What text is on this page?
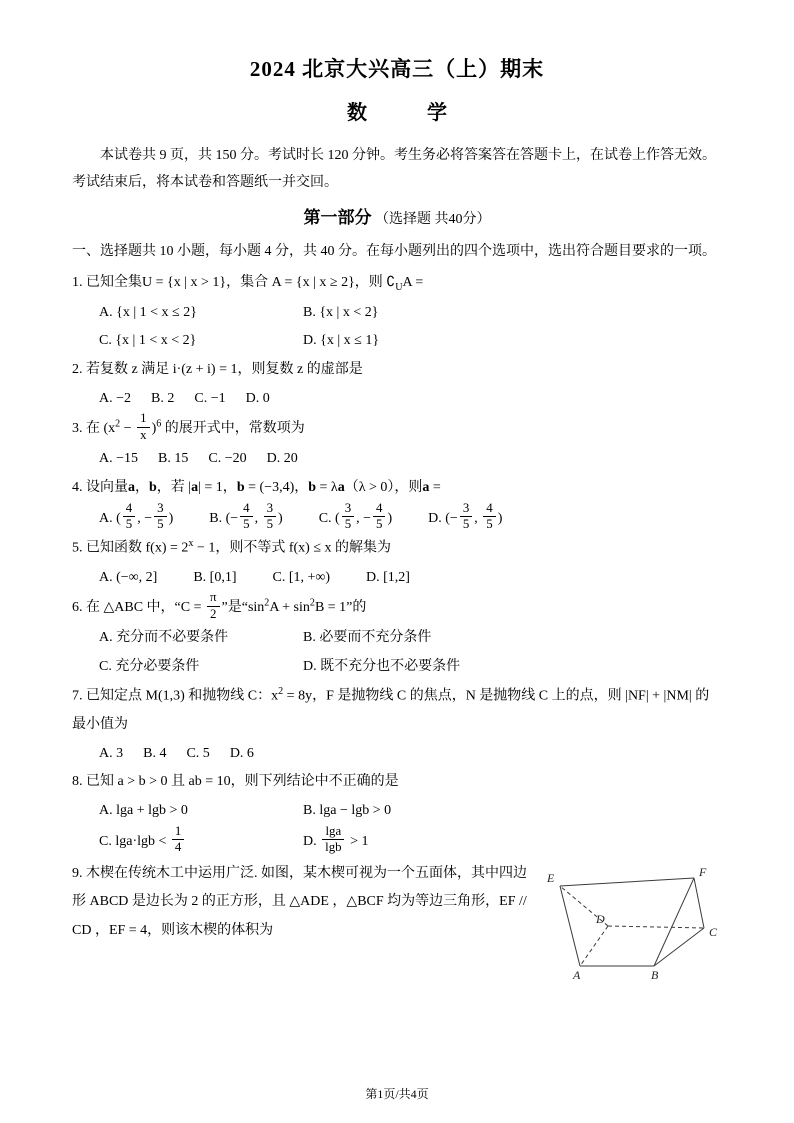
2024 北京大兴高三（上）期末
数　　　学

本试卷共 9 页，共 150 分。考试时长 120 分钟。考生务必将答案答在答题卡上，在试卷上作答无效。考试结束后，将本试卷和答题纸一并交回。

第一部分 （选择题 共40分）

一、选择题共 10 小题，每小题 4 分，共 40 分。在每小题列出的四个选项中，选出符合题目要求的一项。

1. 已知全集U = {x | x > 1}，集合 A = {x | x ≥ 2}，则 $∁_UA$ =
A. {x | 1 < x ≤ 2}	B. {x | x < 2}
C. {x | 1 < x < 2}	D. {x | x ≤ 1}
2. 若复数 z 满足 i·(z + i) = 1，则复数 z 的虚部是
A. −2 B. 2 C. −1 D. 0
3. 在 $(x^2 - \frac{1}{x} )^6$ 的展开式中，常数项为
A. −15 B. 15 C. −20 D. 20
4. 设向量a，b，若 |a| = 1，b = (−3,4)，b = λa（λ > 0），则a =
A. ( $\frac{4}{5}$ , − $\frac{3}{5}$ )	B. (− $\frac{4}{5}$ , $\frac{3}{5}$ )	C. ( $\frac{3}{5}$ , − $\frac{4}{5}$ )	D. (− $\frac{3}{5}$ , $\frac{4}{5}$ )
5. 已知函数 $f(x) = 2^x - 1$，则不等式 f(x) ≤ x 的解集为
A. (−∞, 2]	B. [0,1]	C. [1, +∞)	D. [1,2]
6. 在 △ABC 中，“$C = \frac{\pi}{2}$ ”是“$\sin^2A + \sin^2B = 1$”的
A. 充分而不必要条件	B. 必要而不充分条件
C. 充分必要条件	D. 既不充分也不必要条件
7. 已知定点 M(1,3) 和抛物线 C：$x^2 = 8y$，F 是抛物线 C 的焦点，N 是抛物线 C 上的点，则 |NF| + |NM| 的最小值为
A. 3 B. 4 C. 5 D. 6
8. 已知 a > b > 0 且 ab = 10，则下列结论中不正确的是
A. lga + lgb > 0	B. lga − lgb > 0
C. $\lg a\cdot\lg b < \frac{1}{4}$	D. $\frac{\lg a}{\lg b} > 1$
E	F
A	B
C
D
9. 木楔在传统木工中运用广泛. 如图，某木楔可视为一个五面体，其中四边形 ABCD 是边长为 2 的正方形，且 △ADE ，△BCF 均为等边三角形，EF // CD ，EF = 4，则该木楔的体积为
第1页/共4页
